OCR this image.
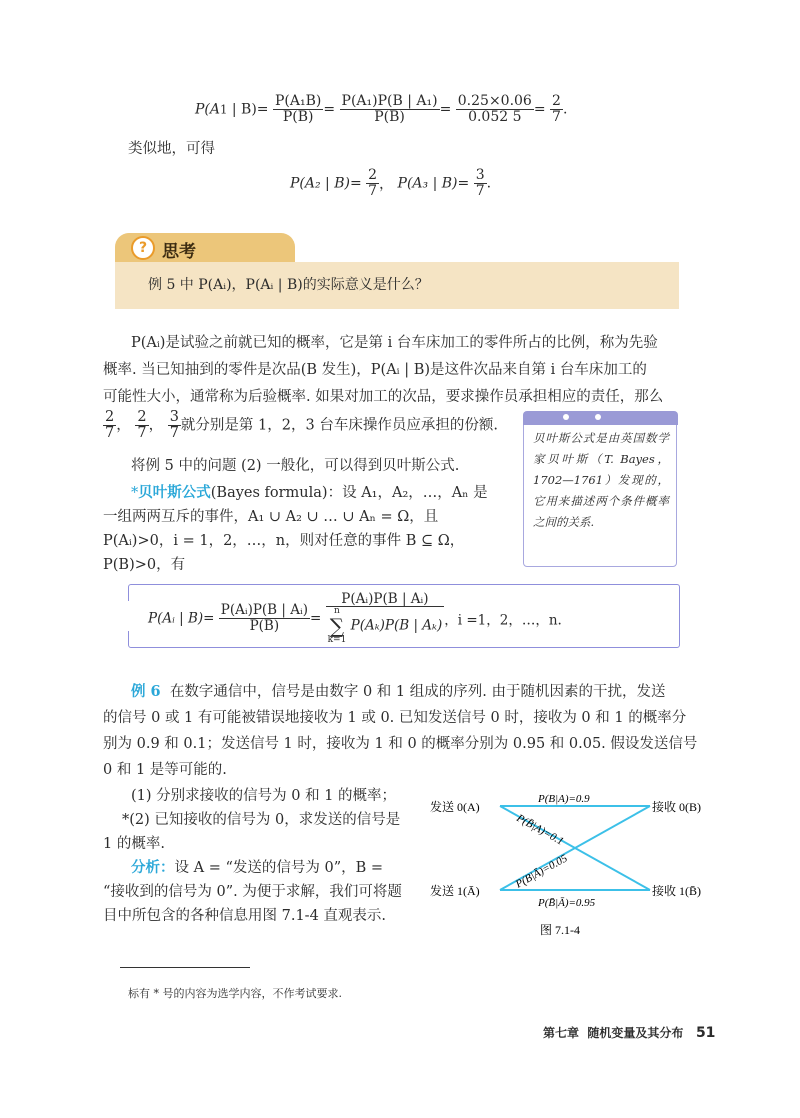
P(A1 | $B)= \frac{\text{P(A₁B)}}{P(B)} = \frac{\text{P(A₁)P(B | A₁)}}{P(B)} = \frac{0.25\times 0.06}{0.052 5} = \frac{2}{7}$ .
类似地，可得
P(A₂ | $B)= \frac{2}{7}$ ， P(A₃ | $B)= \frac{3}{7}$ .
? 思考
例 5 中 P(Aᵢ)，P(Aᵢ | B)的实际意义是什么？
P(Aᵢ)是试验之前就已知的概率，它是第 i 台车床加工的零件所占的比例，称为先验
概率. 当已知抽到的零件是次品(B 发生)，P(Aᵢ | B)是这件次品来自第 i 台车床加工的
可能性大小，通常称为后验概率. 如果对加工的次品，要求操作员承担相应的责任，那么
$\frac{2}{7}$ ， $\frac{2}{7}$ ， $\frac{3}{7}$ 就分别是第 1，2，3 台车床操作员应承担的份额.
将例 5 中的问题 (2) 一般化，可以得到贝叶斯公式.
*贝叶斯公式(Bayes formula)：设 A₁，A₂，…，Aₙ 是
一组两两互斥的事件，A₁ ∪ A₂ ∪ … ∪ Aₙ = Ω，且
P(Aᵢ)>0，i = 1，2，…，n，则对任意的事件 B ⊆ Ω，
P(B)>0，有
贝叶斯公式是由英国数学家贝叶斯（T. Bayes，1702—1761）发现的，它用来描述两个条件概率之间的关系.
P(Aᵢ | $B)= \frac{\text{P(Aᵢ)P(B | Aᵢ)}}{P(B)}$ = P(Aᵢ)P(B | Aᵢ)
n
∑
k=1
P(Aₖ)P(B | Aₖ) ，i =1，2，…，n.
例 6 在数字通信中，信号是由数字 0 和 1 组成的序列. 由于随机因素的干扰，发送
的信号 0 或 1 有可能被错误地接收为 1 或 0. 已知发送信号 0 时，接收为 0 和 1 的概率分
别为 0.9 和 0.1；发送信号 1 时，接收为 1 和 0 的概率分别为 0.95 和 0.05. 假设发送信号
0 和 1 是等可能的.
(1) 分别求接收的信号为 0 和 1 的概率；
*(2) 已知接收的信号为 0，求发送的信号是
1 的概率.
分析：设 A = “发送的信号为 0”，B =
“接收到的信号为 0”. 为便于求解，我们可将题
目中所包含的各种信息用图 7.1-4 直观表示.
发送 0(A)
发送 1(Ā)
接收 0(B)
接收 1(B̄)
P(B|A)=0.9
P(B̄|A)=0.1
P(B|Ā)=0.05
P(B̄|Ā)=0.95
图 7.1-4
标有 * 号的内容为选学内容，不作考试要求.
第七章 随机变量及其分布 51
